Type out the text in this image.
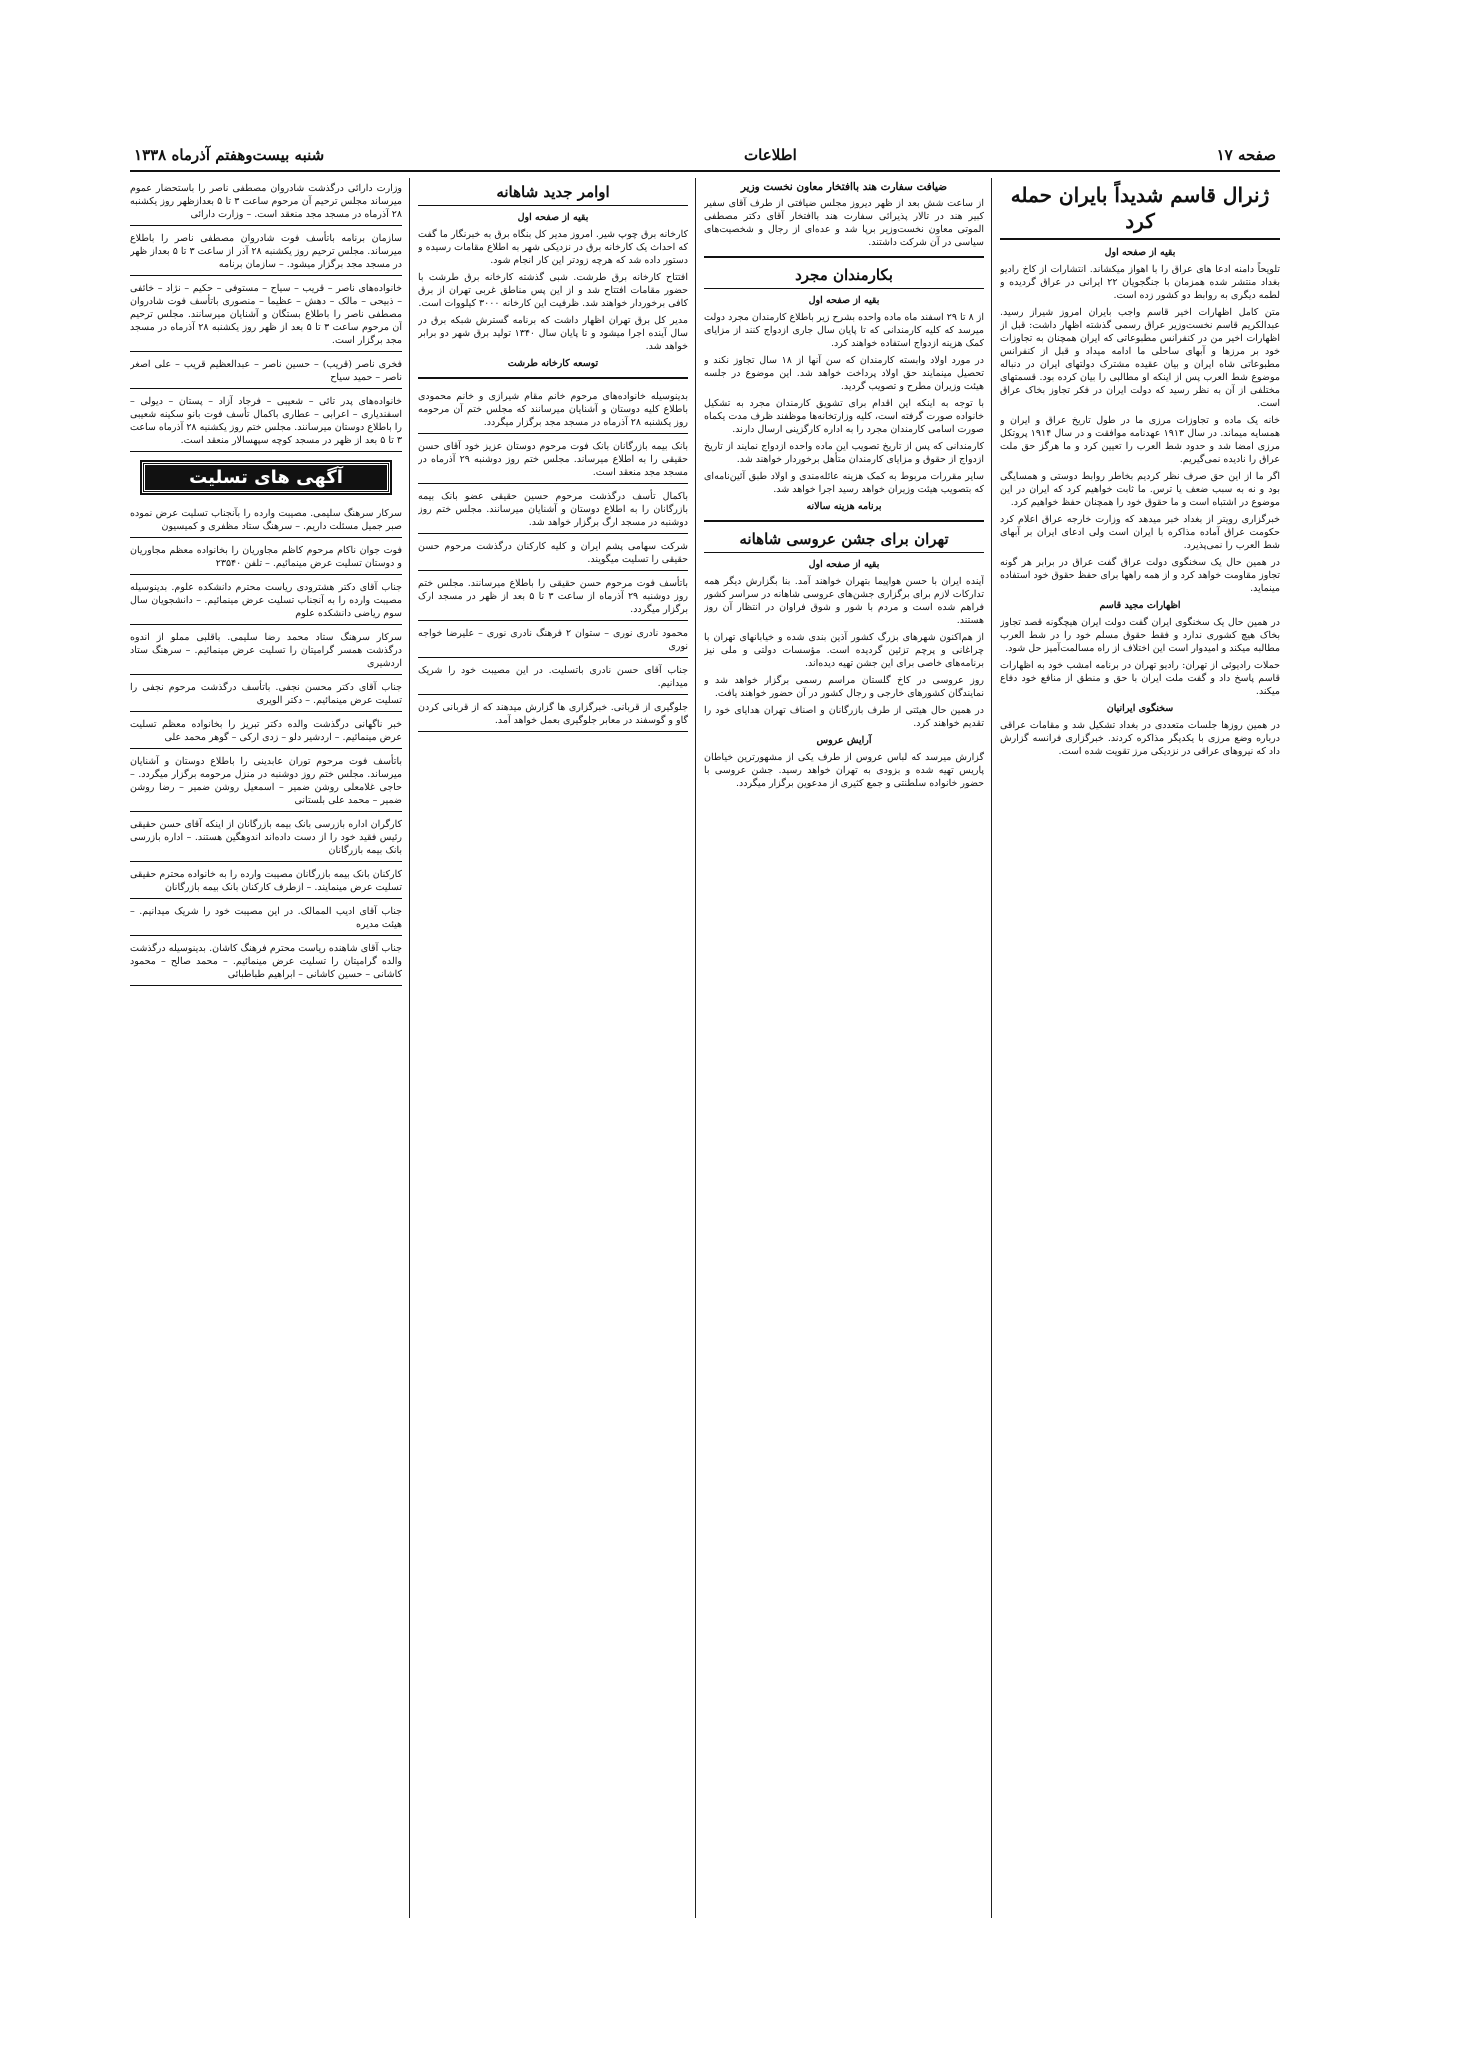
صفحه ۱۷
اطلاعات
شنبه بیست‌وهفتم آذرماه ۱۳۳۸
ژنرال قاسم شدیداً بایران حمله کرد
بقیه از صفحه اول

تلویحاً دامنه ادعا های عراق را با اهواز میکشاند. انتشارات از کاخ رادیو بغداد منتشر شده همزمان با جنگجویان ۲۲ ایرانی در عراق گردیده و لطمه دیگری به روابط دو کشور زده است.

متن کامل اظهارات اخیر قاسم واجب بایران امروز شیراز رسید. عبدالکریم قاسم نخست‌وزیر عراق رسمی گذشته اظهار داشت: قبل از اظهارات اخیر من در کنفرانس مطبوعاتی که ایران همچنان به تجاوزات خود بر مرزها و آبهای ساحلی ما ادامه میداد و قبل از کنفرانس مطبوعاتی شاه ایران و بیان عقیده مشترک دولتهای ایران در دنباله موضوع شط العرب پس از اینکه او مطالبی را بیان کرده بود. قسمتهای مختلفی از آن به نظر رسید که دولت ایران در فکر تجاوز بخاک عراق است.

خانه یک ماده و تجاوزات مرزی ما در طول تاریخ عراق و ایران و همسایه میماند. در سال ۱۹۱۳ عهدنامه موافقت و در سال ۱۹۱۴ پروتکل مرزی امضا شد و حدود شط العرب را تعیین کرد و ما هرگز حق ملت عراق را نادیده نمی‌گیریم.

اگر ما از این حق صرف نظر کردیم بخاطر روابط دوستی و همسایگی بود و نه به سبب ضعف یا ترس. ما ثابت خواهیم کرد که ایران در این موضوع در اشتباه است و ما حقوق خود را همچنان حفظ خواهیم کرد.

خبرگزاری رویتر از بغداد خبر میدهد که وزارت خارجه عراق اعلام کرد حکومت عراق آماده مذاکره با ایران است ولی ادعای ایران بر آبهای شط العرب را نمی‌پذیرد.

در همین حال یک سخنگوی دولت عراق گفت عراق در برابر هر گونه تجاوز مقاومت خواهد کرد و از همه راهها برای حفظ حقوق خود استفاده مینماید.

اظهارات مجید قاسم

در همین حال یک سخنگوی ایران گفت دولت ایران هیچگونه قصد تجاوز بخاک هیچ کشوری ندارد و فقط حقوق مسلم خود را در شط العرب مطالبه میکند و امیدوار است این اختلاف از راه مسالمت‌آمیز حل شود.

حملات رادیوئی از تهران: رادیو تهران در برنامه امشب خود به اظهارات قاسم پاسخ داد و گفت ملت ایران با حق و منطق از منافع خود دفاع میکند.

سخنگوی ایرانیان

در همین روزها جلسات متعددی در بغداد تشکیل شد و مقامات عراقی درباره وضع مرزی با یکدیگر مذاکره کردند. خبرگزاری فرانسه گزارش داد که نیروهای عراقی در نزدیکی مرز تقویت شده است.

ضیافت سفارت هند باافتخار معاون نخست وزیر

از ساعت شش بعد از ظهر دیروز مجلس ضیافتی از طرف آقای سفیر کبیر هند در تالار پذیرائی سفارت هند باافتخار آقای دکتر مصطفی الموتی معاون نخست‌وزیر برپا شد و عده‌ای از رجال و شخصیت‌های سیاسی در آن شرکت داشتند.

بکارمندان مجرد
بقیه از صفحه اول

از ۸ تا ۲۹ اسفند ماه ماده واحده بشرح زیر باطلاع کارمندان مجرد دولت میرسد که کلیه کارمندانی که تا پایان سال جاری ازدواج کنند از مزایای کمک هزینه ازدواج استفاده خواهند کرد.

در مورد اولاد وابسته کارمندان که سن آنها از ۱۸ سال تجاوز نکند و تحصیل مینمایند حق اولاد پرداخت خواهد شد. این موضوع در جلسه هیئت وزیران مطرح و تصویب گردید.

با توجه به اینکه این اقدام برای تشویق کارمندان مجرد به تشکیل خانواده صورت گرفته است، کلیه وزارتخانه‌ها موظفند ظرف مدت یکماه صورت اسامی کارمندان مجرد را به اداره کارگزینی ارسال دارند.

کارمندانی که پس از تاریخ تصویب این ماده واحده ازدواج نمایند از تاریخ ازدواج از حقوق و مزایای کارمندان متأهل برخوردار خواهند شد.

سایر مقررات مربوط به کمک هزینه عائله‌مندی و اولاد طبق آئین‌نامه‌ای که بتصویب هیئت وزیران خواهد رسید اجرا خواهد شد.

برنامه هزینه سالانه
تهران برای جشن عروسی شاهانه
بقیه از صفحه اول

آینده ایران با حسن هواپیما بتهران خواهند آمد. بنا بگزارش دیگر همه تدارکات لازم برای برگزاری جشن‌های عروسی شاهانه در سراسر کشور فراهم شده است و مردم با شور و شوق فراوان در انتظار آن روز هستند.

از هم‌اکنون شهرهای بزرگ کشور آذین بندی شده و خیابانهای تهران با چراغانی و پرچم تزئین گردیده است. مؤسسات دولتی و ملی نیز برنامه‌های خاصی برای این جشن تهیه دیده‌اند.

روز عروسی در کاخ گلستان مراسم رسمی برگزار خواهد شد و نمایندگان کشورهای خارجی و رجال کشور در آن حضور خواهند یافت.

در همین حال هیئتی از طرف بازرگانان و اصناف تهران هدایای خود را تقدیم خواهند کرد.

آرایش عروس

گزارش میرسد که لباس عروس از طرف یکی از مشهورترین خیاطان پاریس تهیه شده و بزودی به تهران خواهد رسید. جشن عروسی با حضور خانواده سلطنتی و جمع کثیری از مدعوین برگزار میگردد.

اوامر جدید شاهانه
بقیه از صفحه اول

کارخانه برق چوپ شیر. امروز مدیر کل بنگاه برق به خبرنگار ما گفت که احداث یک کارخانه برق در نزدیکی شهر به اطلاع مقامات رسیده و دستور داده شد که هرچه زودتر این کار انجام شود.

افتتاح کارخانه برق طرشت. شبی گذشته کارخانه برق طرشت با حضور مقامات افتتاح شد و از این پس مناطق غربی تهران از برق کافی برخوردار خواهند شد. ظرفیت این کارخانه ۳۰۰۰ کیلووات است.

مدیر کل برق تهران اظهار داشت که برنامه گسترش شبکه برق در سال آینده اجرا میشود و تا پایان سال ۱۳۴۰ تولید برق شهر دو برابر خواهد شد.

توسعه کارخانه طرشت
بدینوسیله خانواده‌های مرحوم خانم مقام شیرازی و خانم محمودی باطلاع کلیه دوستان و آشنایان میرسانند که مجلس ختم آن مرحومه روز یکشنبه ۲۸ آذرماه در مسجد مجد برگزار میگردد.
بانک بیمه بازرگانان بانک فوت مرحوم دوستان عزیز خود آقای حسن حقیقی را به اطلاع میرساند. مجلس ختم روز دوشنبه ۲۹ آذرماه در مسجد مجد منعقد است.
باکمال تأسف درگذشت مرحوم حسین حقیقی عضو بانک بیمه بازرگانان را به اطلاع دوستان و آشنایان میرسانند. مجلس ختم روز دوشنبه در مسجد ارگ برگزار خواهد شد.
شرکت سهامی پشم ایران و کلیه کارکنان درگذشت مرحوم حسن حقیقی را تسلیت میگویند.
باتأسف فوت مرحوم حسن حقیقی را باطلاع میرسانند. مجلس ختم روز دوشنبه ۲۹ آذرماه از ساعت ۳ تا ۵ بعد از ظهر در مسجد ارک برگزار میگردد.
محمود نادری نوری – ستوان ۲ فرهنگ نادری نوری – علیرضا خواجه نوری
جناب آقای حسن نادری باتسلیت. در این مصیبت خود را شریک میدانیم.
جلوگیری از قربانی. خبرگزاری ها گزارش میدهند که از قربانی کردن گاو و گوسفند در معابر جلوگیری بعمل خواهد آمد.
وزارت دارائی درگذشت شادروان مصطفی ناصر را باستحضار عموم میرساند مجلس ترحیم آن مرحوم ساعت ۳ تا ۵ بعدازظهر روز یکشنبه ۲۸ آذرماه در مسجد مجد منعقد است. – وزارت دارائی
سازمان برنامه باتأسف فوت شادروان مصطفی ناصر را باطلاع میرساند. مجلس ترحیم روز یکشنبه ۲۸ آذر از ساعت ۳ تا ۵ بعداز ظهر در مسجد مجد برگزار میشود. – سازمان برنامه
خانواده‌های ناصر – قریب – سیاح – مستوفی – حکیم – نژاد – خائفی – ذبیحی – مالک – دهش – عظیما – منصوری باتأسف فوت شادروان مصطفی ناصر را باطلاع بستگان و آشنایان میرسانند. مجلس ترحیم آن مرحوم ساعت ۳ تا ۵ بعد از ظهر روز یکشنبه ۲۸ آذرماه در مسجد مجد برگزار است.
فخری ناصر (قریب) – حسین ناصر – عبدالعظیم قریب – علی اصغر ناصر – حمید سیاح
خانواده‌های پدر تائی – شعیبی – فرجاد آزاد – پستان – دیولی – اسفندیاری – اعرابی – عطاری باکمال تأسف فوت بانو سکینه شعیبی را باطلاع دوستان میرسانند. مجلس ختم روز یکشنبه ۲۸ آذرماه ساعت ۳ تا ۵ بعد از ظهر در مسجد کوچه سپهسالار منعقد است.
آگهی های تسلیت
سرکار سرهنگ سلیمی. مصیبت وارده را بآنجناب تسلیت عرض نموده صبر جمیل مسئلت داریم. – سرهنگ ستاد مظفری و کمیسیون
فوت جوان ناکام مرحوم کاظم مجاوریان را بخانواده معظم مجاوریان و دوستان تسلیت عرض مینمائیم. – تلفن ۲۳۵۴۰
جناب آقای دکتر هشترودی ریاست محترم دانشکده علوم. بدینوسیله مصیبت وارده را به آنجناب تسلیت عرض مینمائیم. – دانشجویان سال سوم ریاضی دانشکده علوم
سرکار سرهنگ ستاد محمد رضا سلیمی. باقلبی مملو از اندوه درگذشت همسر گرامیتان را تسلیت عرض مینمائیم. – سرهنگ ستاد اردشیری
جناب آقای دکتر محسن نجفی. باتأسف درگذشت مرحوم نجفی را تسلیت عرض مینمائیم. – دکتر الویری
خبر ناگهانی درگذشت والده دکتر تبریز را بخانواده معظم تسلیت عرض مینمائیم. – اردشیر دلو – زدی ارکی – گوهر محمد علی
باتأسف فوت مرحوم توران عابدینی را باطلاع دوستان و آشنایان میرساند. مجلس ختم روز دوشنبه در منزل مرحومه برگزار میگردد. – حاجی غلامعلی روشن ضمیر – اسمعیل روشن ضمیر – رضا روشن ضمیر – محمد علی بلستانی
کارگران اداره بازرسی بانک بیمه بازرگانان از اینکه آقای حسن حقیقی رئیس فقید خود را از دست داده‌اند اندوهگین هستند. – اداره بازرسی بانک بیمه بازرگانان
کارکنان بانک بیمه بازرگانان مصیبت وارده را به خانواده محترم حقیقی تسلیت عرض مینمایند. – ازطرف کارکنان بانک بیمه بازرگانان
جناب آقای ادیب الممالک. در این مصیبت خود را شریک میدانیم. – هیئت مدیره
جناب آقای شاهنده ریاست محترم فرهنگ کاشان. بدینوسیله درگذشت والده گرامیتان را تسلیت عرض مینمائیم. – محمد صالح – محمود کاشانی – حسین کاشانی – ابراهیم طباطبائی
